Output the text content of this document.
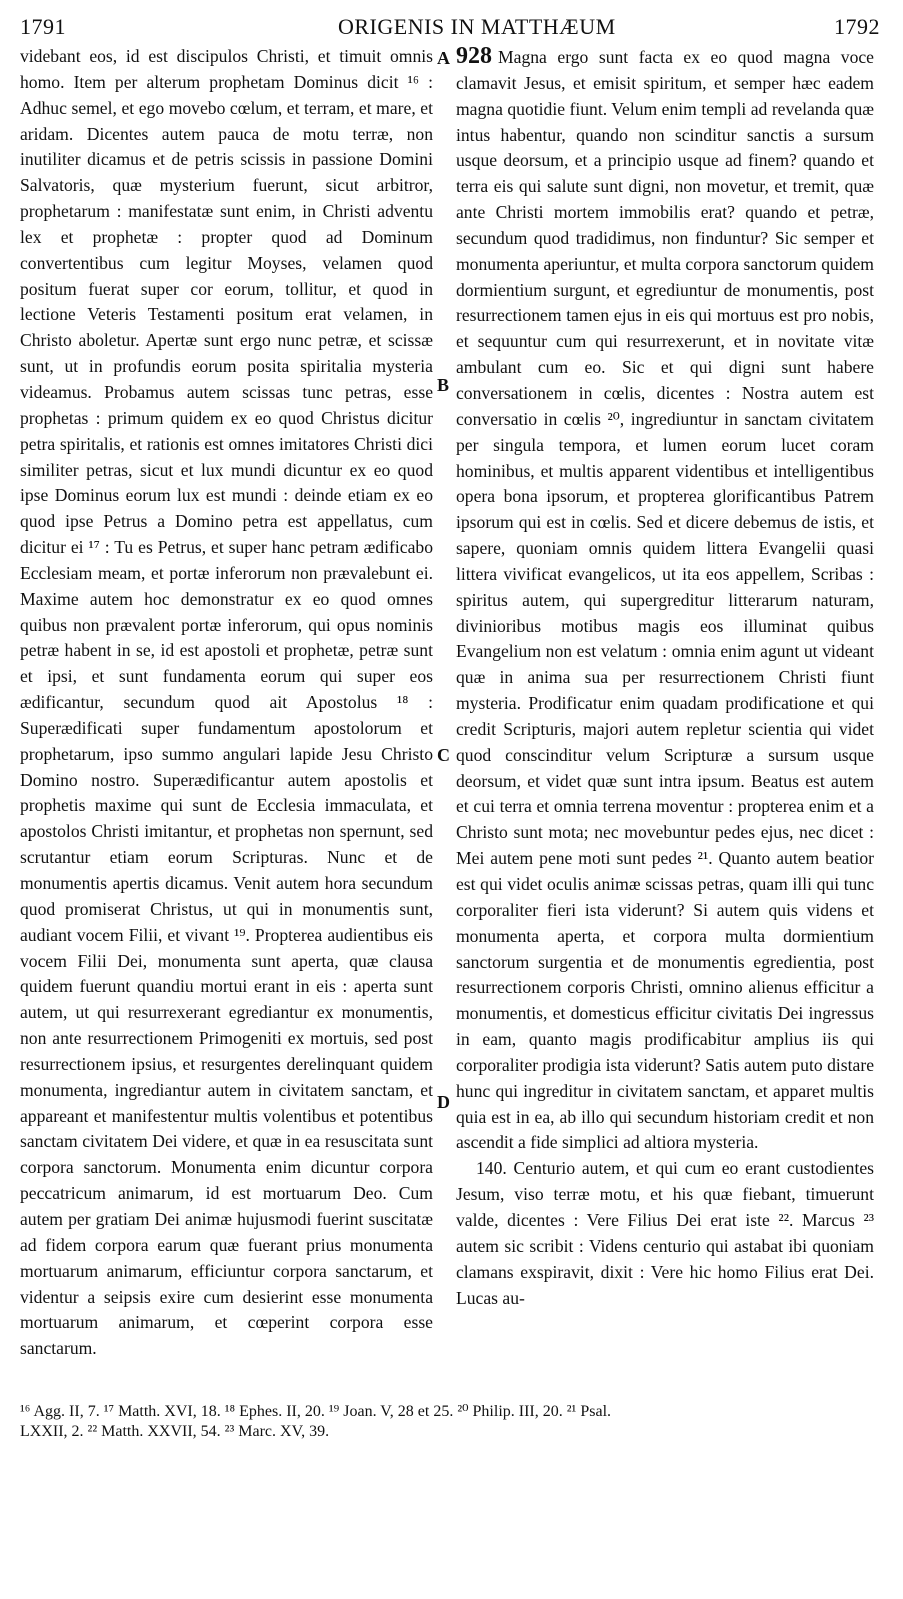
1791	ORIGENIS IN MATTHÆUM	1792
A
B
C
D

videbant eos, id est discipulos Christi, et timuit omnis homo. Item per alterum prophetam Dominus dicit ¹⁶ : Adhuc semel, et ego movebo cœlum, et terram, et mare, et aridam. Dicentes autem pauca de motu terræ, non inutiliter dicamus et de petris scissis in passione Domini Salvatoris, quæ mysterium fuerunt, sicut arbitror, prophetarum : manifestatæ sunt enim, in Christi adventu lex et prophetæ : propter quod ad Dominum convertentibus cum legitur Moyses, velamen quod positum fuerat super cor eorum, tollitur, et quod in lectione Veteris Testamenti positum erat velamen, in Christo aboletur. Apertæ sunt ergo nunc petræ, et scissæ sunt, ut in profundis eorum posita spiritalia mysteria videamus. Probamus autem scissas tunc petras, esse prophetas : primum quidem ex eo quod Christus dicitur petra spiritalis, et rationis est omnes imitatores Christi dici similiter petras, sicut et lux mundi dicuntur ex eo quod ipse Dominus eorum lux est mundi : deinde etiam ex eo quod ipse Petrus a Domino petra est appellatus, cum dicitur ei ¹⁷ : Tu es Petrus, et super hanc petram ædificabo Ecclesiam meam, et portæ inferorum non prævalebunt ei. Maxime autem hoc demonstratur ex eo quod omnes quibus non prævalent portæ inferorum, qui opus nominis petræ habent in se, id est apostoli et prophetæ, petræ sunt et ipsi, et sunt fundamenta eorum qui super eos ædificantur, secundum quod ait Apostolus ¹⁸ : Superædificati super fundamentum apostolorum et prophetarum, ipso summo angulari lapide Jesu Christo Domino nostro. Superædificantur autem apostolis et prophetis maxime qui sunt de Ecclesia immaculata, et apostolos Christi imitantur, et prophetas non spernunt, sed scrutantur etiam eorum Scripturas. Nunc et de monumentis apertis dicamus. Venit autem hora secundum quod promiserat Christus, ut qui in monumentis sunt, audiant vocem Filii, et vivant ¹⁹. Propterea audientibus eis vocem Filii Dei, monumenta sunt aperta, quæ clausa quidem fuerunt quandiu mortui erant in eis : aperta sunt autem, ut qui resurrexerant egrediantur ex monumentis, non ante resurrectionem Primogeniti ex mortuis, sed post resurrectionem ipsius, et resurgentes derelinquant quidem monumenta, ingrediantur autem in civitatem sanctam, et appareant et manifestentur multis volentibus et potentibus sanctam civitatem Dei videre, et quæ in ea resuscitata sunt corpora sanctorum. Monumenta enim dicuntur corpora peccatricum animarum, id est mortuarum Deo. Cum autem per gratiam Dei animæ hujusmodi fuerint suscitatæ ad fidem corpora earum quæ fuerant prius monumenta mortuarum animarum, efficiuntur corpora sanctarum, et videntur a seipsis exire cum desierint esse monumenta mortuarum animarum, et cœperint corpora esse sanctarum.

928 Magna ergo sunt facta ex eo quod magna voce clamavit Jesus, et emisit spiritum, et semper hæc eadem magna quotidie fiunt. Velum enim templi ad revelanda quæ intus habentur, quando non scinditur sanctis a sursum usque deorsum, et a principio usque ad finem? quando et terra eis qui salute sunt digni, non movetur, et tremit, quæ ante Christi mortem immobilis erat? quando et petræ, secundum quod tradidimus, non finduntur? Sic semper et monumenta aperiuntur, et multa corpora sanctorum quidem dormientium surgunt, et egrediuntur de monumentis, post resurrectionem tamen ejus in eis qui mortuus est pro nobis, et sequuntur cum qui resurrexerunt, et in novitate vitæ ambulant cum eo. Sic et qui digni sunt habere conversationem in cœlis, dicentes : Nostra autem est conversatio in cœlis ²⁰, ingrediuntur in sanctam civitatem per singula tempora, et lumen eorum lucet coram hominibus, et multis apparent videntibus et intelligentibus opera bona ipsorum, et propterea glorificantibus Patrem ipsorum qui est in cœlis. Sed et dicere debemus de istis, et sapere, quoniam omnis quidem littera Evangelii quasi littera vivificat evangelicos, ut ita eos appellem, Scribas : spiritus autem, qui supergreditur litterarum naturam, divinioribus motibus magis eos illuminat quibus Evangelium non est velatum : omnia enim agunt ut videant quæ in anima sua per resurrectionem Christi fiunt mysteria. Prodificatur enim quadam prodificatione et qui credit Scripturis, majori autem repletur scientia qui videt quod conscinditur velum Scripturæ a sursum usque deorsum, et videt quæ sunt intra ipsum. Beatus est autem et cui terra et omnia terrena moventur : propterea enim et a Christo sunt mota; nec movebuntur pedes ejus, nec dicet : Mei autem pene moti sunt pedes ²¹. Quanto autem beatior est qui videt oculis animæ scissas petras, quam illi qui tunc corporaliter fieri ista viderunt? Si autem quis videns et monumenta aperta, et corpora multa dormientium sanctorum surgentia et de monumentis egredientia, post resurrectionem corporis Christi, omnino alienus efficitur a monumentis, et domesticus efficitur civitatis Dei ingressus in eam, quanto magis prodificabitur amplius iis qui corporaliter prodigia ista viderunt? Satis autem puto distare hunc qui ingreditur in civitatem sanctam, et apparet multis quia est in ea, ab illo qui secundum historiam credit et non ascendit a fide simplici ad altiora mysteria.

140. Centurio autem, et qui cum eo erant custodientes Jesum, viso terræ motu, et his quæ fiebant, timuerunt valde, dicentes : Vere Filius Dei erat iste ²². Marcus ²³ autem sic scribit : Videns centurio qui astabat ibi quoniam clamans exspiravit, dixit : Vere hic homo Filius erat Dei. Lucas au-

¹⁶ Agg. II, 7. ¹⁷ Matth. XVI, 18. ¹⁸ Ephes. II, 20. ¹⁹ Joan. V, 28 et 25. ²⁰ Philip. III, 20. ²¹ Psal.

LXXII, 2. ²² Matth. XXVII, 54. ²³ Marc. XV, 39.
